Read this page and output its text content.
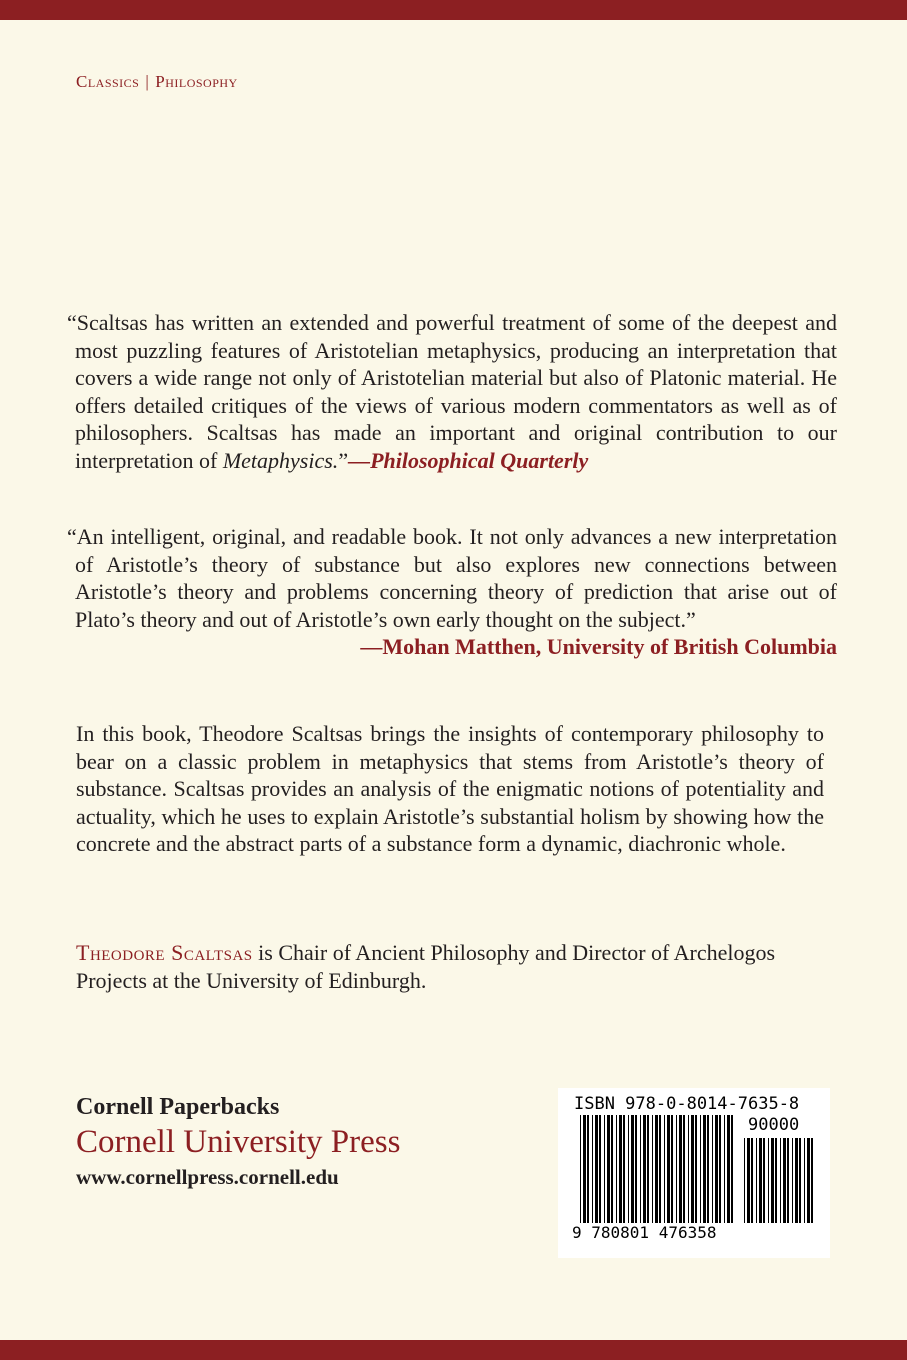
Classics | Philosophy

“Scaltsas has written an extended and powerful treatment of some of the deepest and most puzzling features of Aristotelian metaphysics, producing an interpretation that covers a wide range not only of Aristotelian material but also of Platonic material. He offers detailed critiques of the views of various modern commentators as well as of philosophers. Scaltsas has made an important and original contribution to our interpretation of Metaphysics.”—Philosophical Quarterly

“An intelligent, original, and readable book. It not only advances a new interpretation of Aristotle’s theory of substance but also explores new connections between Aristotle’s theory and problems concerning theory of prediction that arise out of Plato’s theory and out of Aristotle’s own early thought on the subject.”
—Mohan Matthen, University of British Columbia

In this book, Theodore Scaltsas brings the insights of contemporary philosophy to bear on a classic problem in metaphysics that stems from Aristotle’s theory of substance. Scaltsas provides an analysis of the enigmatic notions of potentiality and actuality, which he uses to explain Aristotle’s substantial holism by showing how the concrete and the abstract parts of a substance form a dynamic, diachronic whole.

Theodore Scaltsas is Chair of Ancient Philosophy and Director of Archelogos Projects at the University of Edinburgh.

Cornell Paperbacks
Cornell University Press
www.cornellpress.cornell.edu
ISBN 978-0-8014-7635-8
90000
9 780801 476358
